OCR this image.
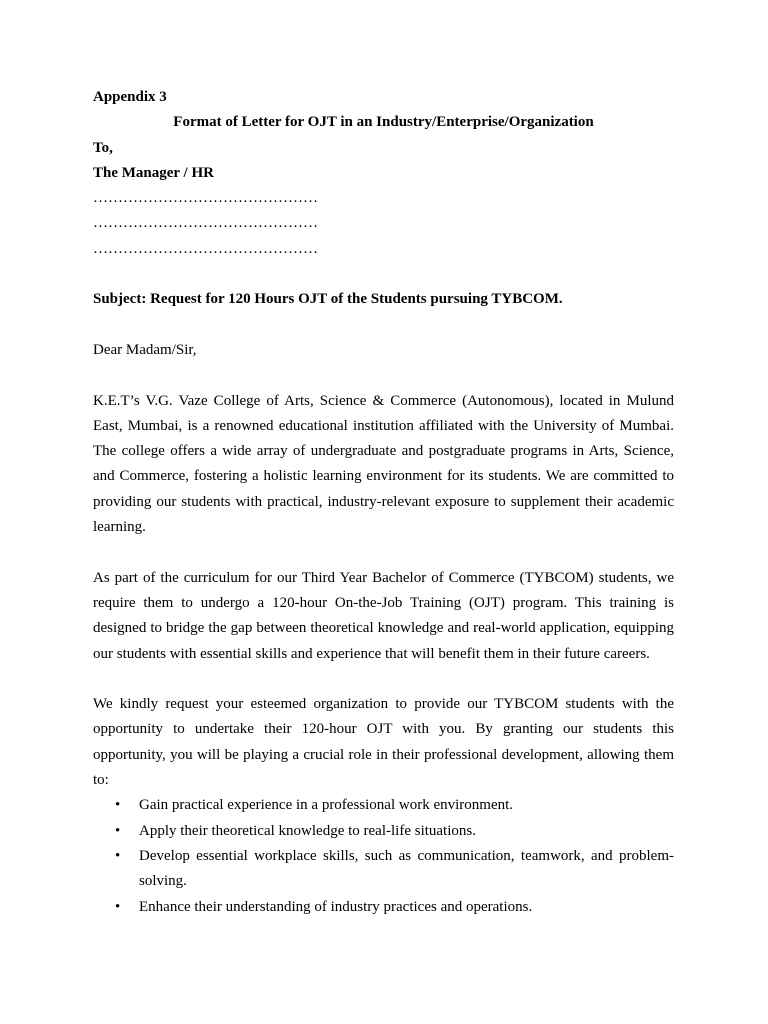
Appendix 3
Format of Letter for OJT in an Industry/Enterprise/Organization
To,
The Manager / HR
………………………………………
………………………………………
………………………………………
Subject: Request for 120 Hours OJT of the Students pursuing TYBCOM.
Dear Madam/Sir,

K.E.T’s V.G. Vaze College of Arts, Science & Commerce (Autonomous), located in Mulund East, Mumbai, is a renowned educational institution affiliated with the University of Mumbai. The college offers a wide array of undergraduate and postgraduate programs in Arts, Science, and Commerce, fostering a holistic learning environment for its students. We are committed to providing our students with practical, industry-relevant exposure to supplement their academic learning.

As part of the curriculum for our Third Year Bachelor of Commerce (TYBCOM) students, we require them to undergo a 120-hour On-the-Job Training (OJT) program. This training is designed to bridge the gap between theoretical knowledge and real-world application, equipping our students with essential skills and experience that will benefit them in their future careers.

We kindly request your esteemed organization to provide our TYBCOM students with the opportunity to undertake their 120-hour OJT with you. By granting our students this opportunity, you will be playing a crucial role in their professional development, allowing them to:

• Gain practical experience in a professional work environment.
• Apply their theoretical knowledge to real-life situations.
• Develop essential workplace skills, such as communication, teamwork, and problem-solving.
• Enhance their understanding of industry practices and operations.
